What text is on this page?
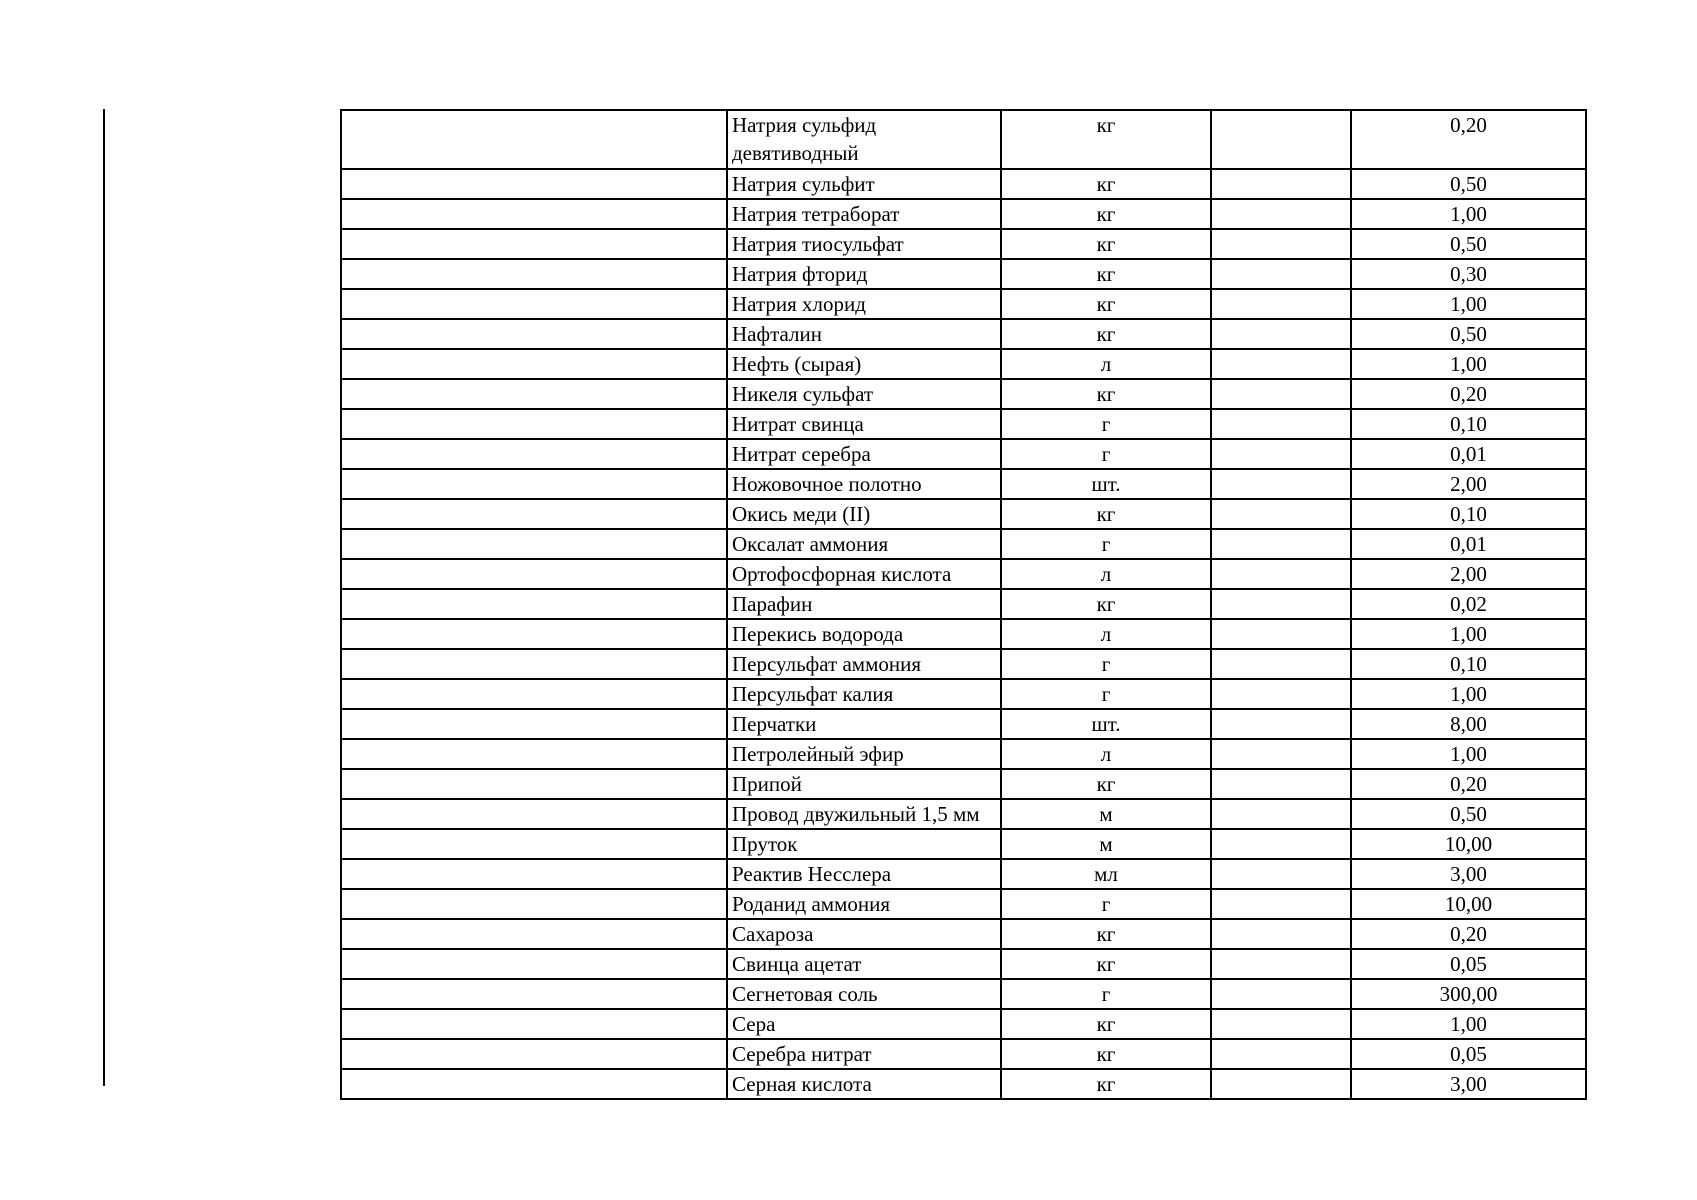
	Натрия сульфид девятиводный	кг		0,20
	Натрия сульфит	кг		0,50
	Натрия тетраборат	кг		1,00
	Натрия тиосульфат	кг		0,50
	Натрия фторид	кг		0,30
	Натрия хлорид	кг		1,00
	Нафталин	кг		0,50
	Нефть (сырая)	л		1,00
	Никеля сульфат	кг		0,20
	Нитрат свинца	г		0,10
	Нитрат серебра	г		0,01
	Ножовочное полотно	шт.		2,00
	Окись меди (II)	кг		0,10
	Оксалат аммония	г		0,01
	Ортофосфорная кислота	л		2,00
	Парафин	кг		0,02
	Перекись водорода	л		1,00
	Персульфат аммония	г		0,10
	Персульфат калия	г		1,00
	Перчатки	шт.		8,00
	Петролейный эфир	л		1,00
	Припой	кг		0,20
	Провод двужильный 1,5 мм	м		0,50
	Пруток	м		10,00
	Реактив Несслера	мл		3,00
	Роданид аммония	г		10,00
	Сахароза	кг		0,20
	Свинца ацетат	кг		0,05
	Сегнетовая соль	г		300,00
	Сера	кг		1,00
	Серебра нитрат	кг		0,05
	Серная кислота	кг		3,00
